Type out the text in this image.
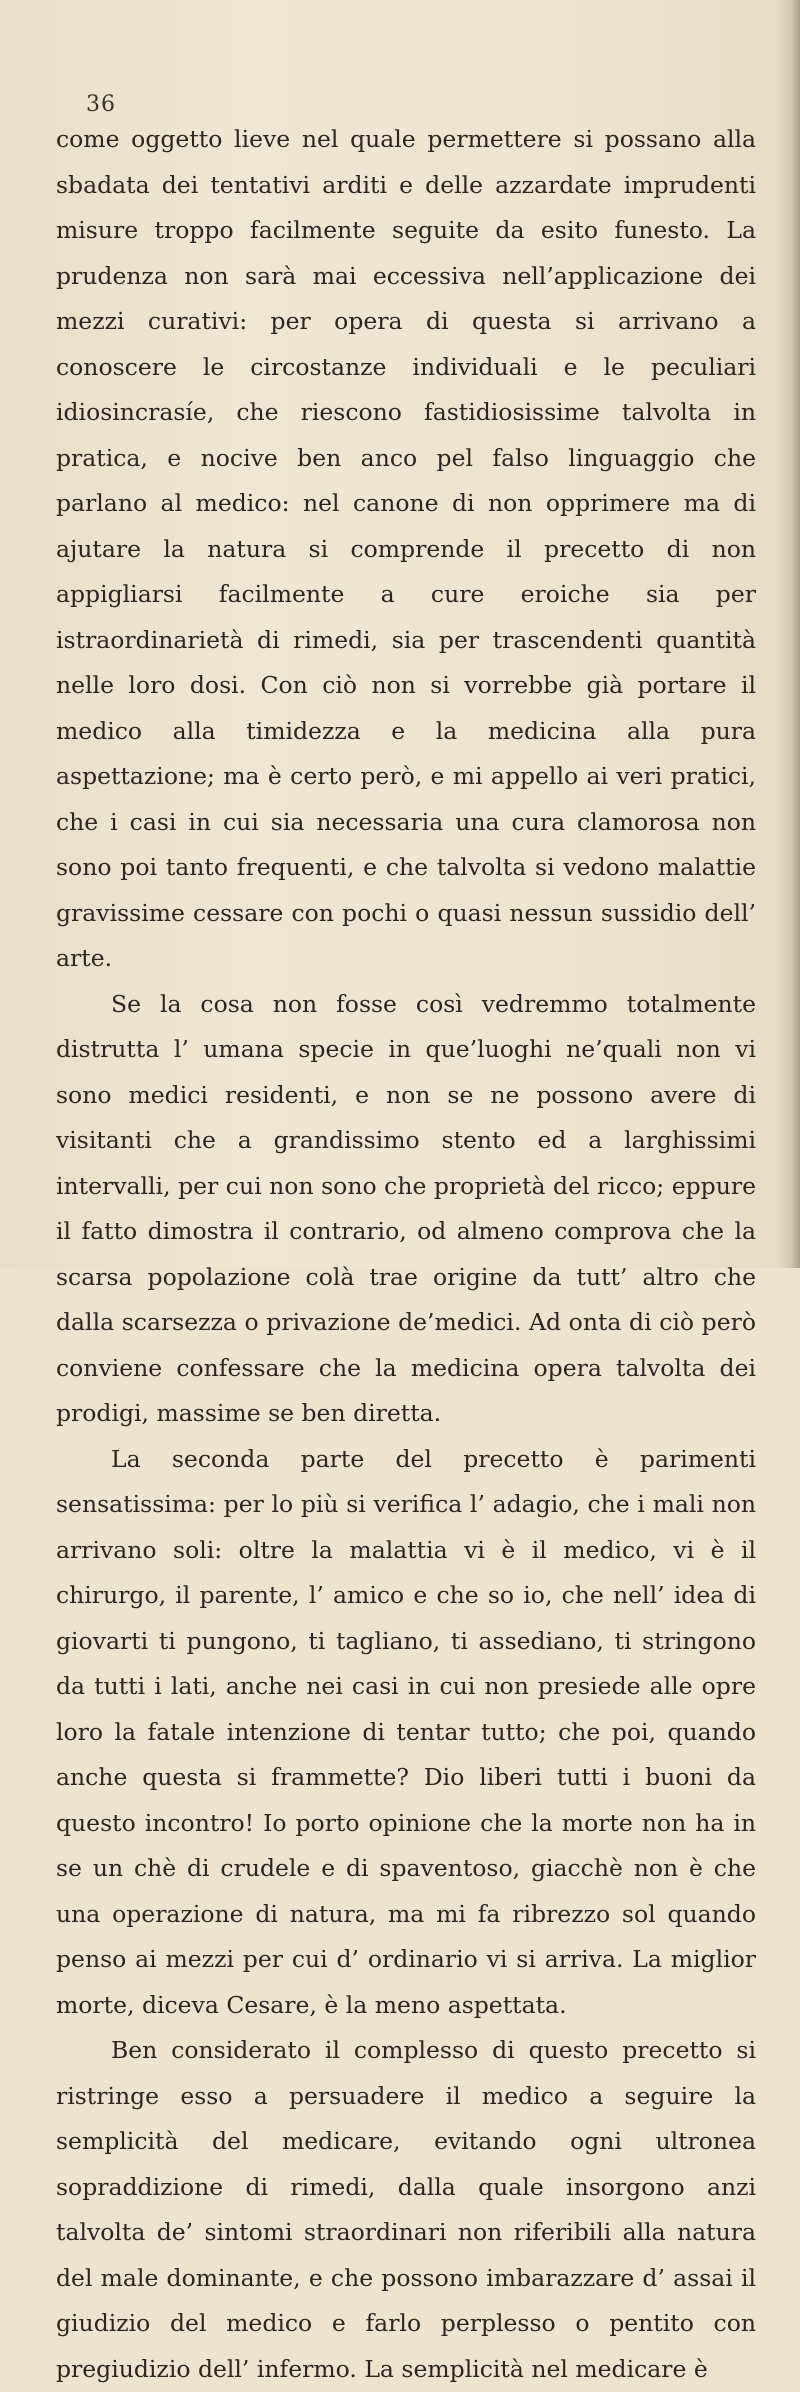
36

come oggetto lieve nel quale permettere si possano alla sbadata dei tentativi arditi e delle azzardate imprudenti misure troppo facilmente seguite da esito funesto. La prudenza non sarà mai eccessiva nell’applicazione dei mezzi curativi: per opera di questa si arrivano a conoscere le circostanze individuali e le peculiari idiosincrasíe, che riescono fastidiosissime talvolta in pratica, e nocive ben anco pel falso linguaggio che parlano al medico: nel canone di non opprimere ma di ajutare la natura si comprende il precetto di non appigliarsi facilmente a cure eroiche sia per istraordinarietà di rimedi, sia per trascendenti quantità nelle loro dosi. Con ciò non si vorrebbe già portare il medico alla timidezza e la medicina alla pura aspettazione; ma è certo però, e mi appello ai veri pratici, che i casi in cui sia necessaria una cura clamorosa non sono poi tanto frequenti, e che talvolta si vedono malattie gravissime cessare con pochi o quasi nessun sussidio dell’ arte.

Se la cosa non fosse così vedremmo totalmente distrutta l’ umana specie in que’luoghi ne’quali non vi sono medici residenti, e non se ne possono avere di visitanti che a grandissimo stento ed a larghissimi intervalli, per cui non sono che proprietà del ricco; eppure il fatto dimostra il contrario, od almeno comprova che la scarsa popolazione colà trae origine da tutt’ altro che dalla scarsezza o privazione de’medici. Ad onta di ciò però conviene confessare che la medicina opera talvolta dei prodigi, massime se ben diretta.

La seconda parte del precetto è parimenti sensatissima: per lo più si verifica l’ adagio, che i mali non arrivano soli: oltre la malattia vi è il medico, vi è il chirurgo, il parente, l’ amico e che so io, che nell’ idea di giovarti ti pungono, ti tagliano, ti assediano, ti stringono da tutti i lati, anche nei casi in cui non presiede alle opre loro la fatale intenzione di tentar tutto; che poi, quando anche questa si frammette? Dio liberi tutti i buoni da questo incontro! Io porto opinione che la morte non ha in se un chè di crudele e di spaventoso, giacchè non è che una operazione di natura, ma mi fa ribrezzo sol quando penso ai mezzi per cui d’ ordinario vi si arriva. La miglior morte, diceva Cesare, è la meno aspettata.

Ben considerato il complesso di questo precetto si ristringe esso a persuadere il medico a seguire la semplicità del medicare, evitando ogni ultronea sopraddizione di rimedi, dalla quale insorgono anzi talvolta de’ sintomi straordinari non riferibili alla natura del male dominante, e che possono imbarazzare d’ assai il giudizio del medico e farlo perplesso o pentito con pregiudizio dell’ infermo. La semplicità nel medicare è
